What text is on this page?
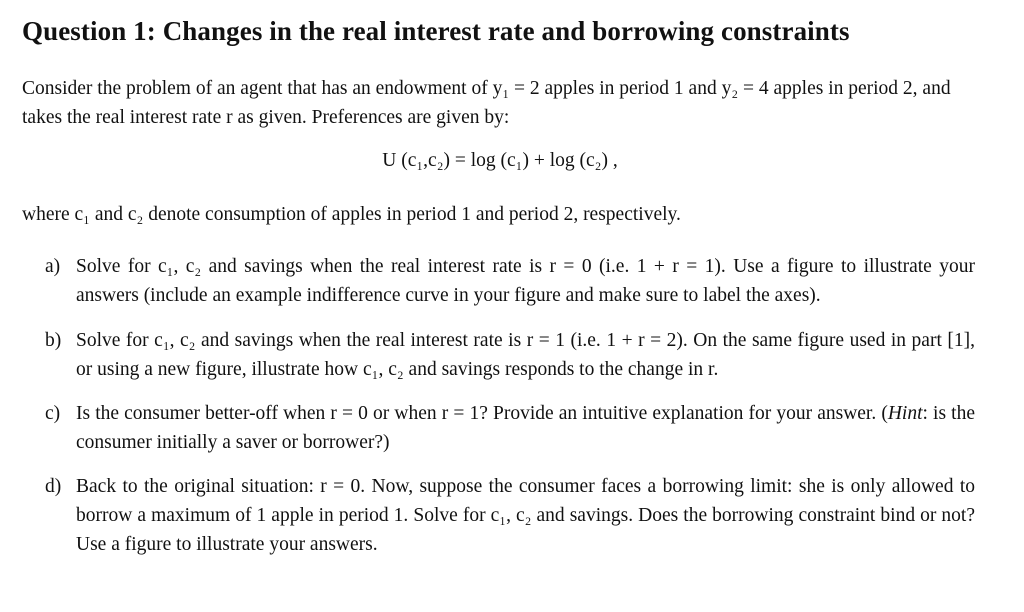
Question 1: Changes in the real interest rate and borrowing constraints
Consider the problem of an agent that has an endowment of y₁ = 2 apples in period 1 and y₂ = 4 apples in period 2, and takes the real interest rate r as given. Preferences are given by:
U (c₁,c₂) = log (c₁) + log (c₂) ,
where c₁ and c₂ denote consumption of apples in period 1 and period 2, respectively.
a) Solve for c₁, c₂ and savings when the real interest rate is r = 0 (i.e. 1 + r = 1). Use a figure to illustrate your answers (include an example indifference curve in your figure and make sure to label the axes).
b) Solve for c₁, c₂ and savings when the real interest rate is r = 1 (i.e. 1 + r = 2). On the same figure used in part [1], or using a new figure, illustrate how c₁, c₂ and savings responds to the change in r.
c) Is the consumer better-off when r = 0 or when r = 1? Provide an intuitive explanation for your answer. (Hint: is the consumer initially a saver or borrower?)
d) Back to the original situation: r = 0. Now, suppose the consumer faces a borrowing limit: she is only allowed to borrow a maximum of 1 apple in period 1. Solve for c₁, c₂ and savings. Does the borrowing constraint bind or not? Use a figure to illustrate your answers.
